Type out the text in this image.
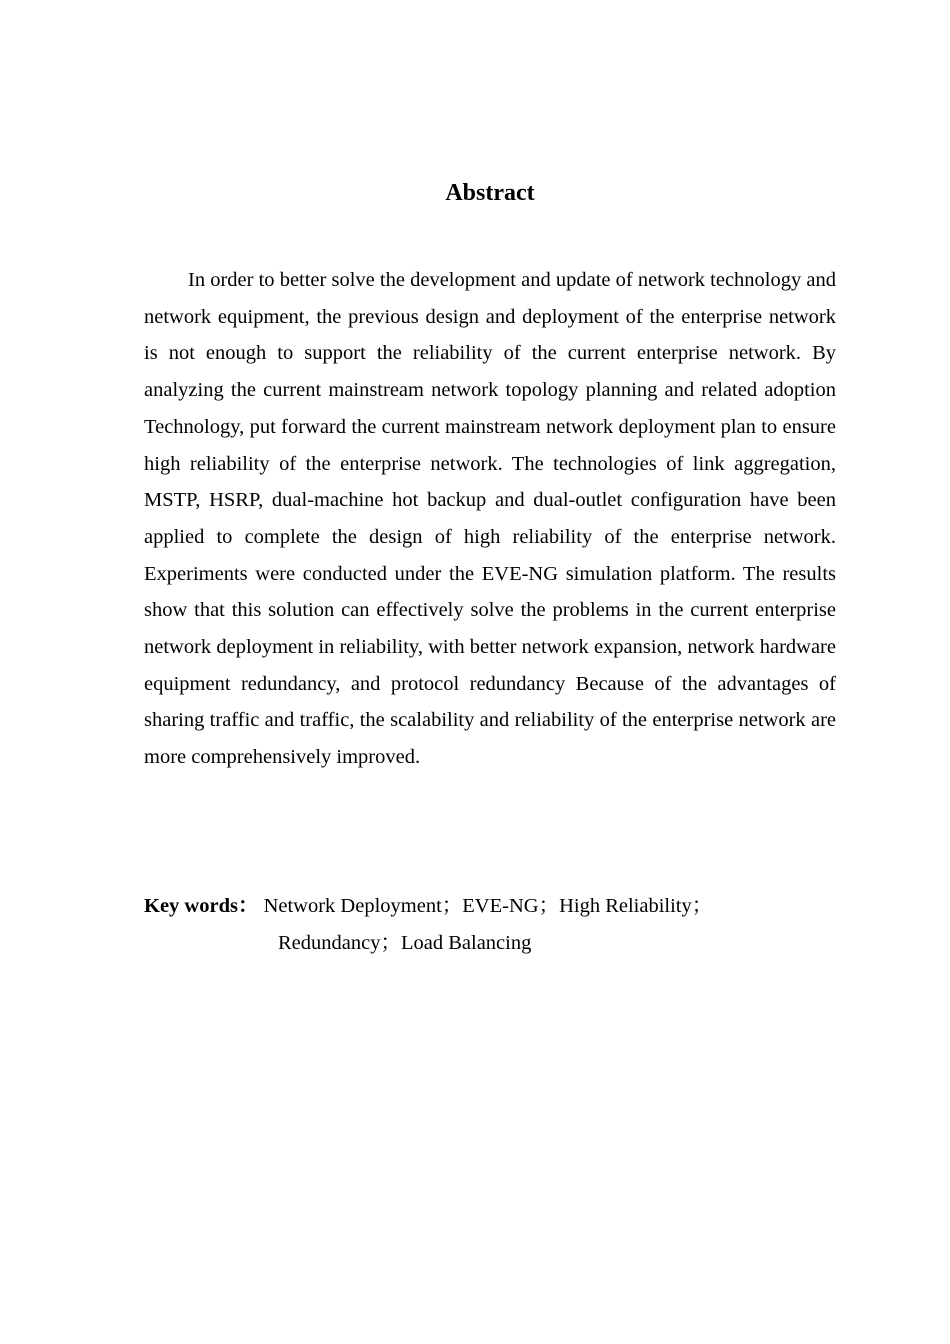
Abstract

In order to better solve the development and update of network technology and network equipment, the previous design and deployment of the enterprise network is not enough to support the reliability of the current enterprise network. By analyzing the current mainstream network topology planning and related adoption Technology, put forward the current mainstream network deployment plan to ensure high reliability of the enterprise network. The technologies of link aggregation, MSTP, HSRP, dual-machine hot backup and dual-outlet configuration have been applied to complete the design of high reliability of the enterprise network. Experiments were conducted under the EVE-NG simulation platform. The results show that this solution can effectively solve the problems in the current enterprise network deployment in reliability, with better network expansion, network hardware equipment redundancy, and protocol redundancy Because of the advantages of sharing traffic and traffic, the scalability and reliability of the enterprise network are more comprehensively improved.

Key words： Network Deployment；EVE-NG；High Reliability；
Redundancy；Load Balancing
